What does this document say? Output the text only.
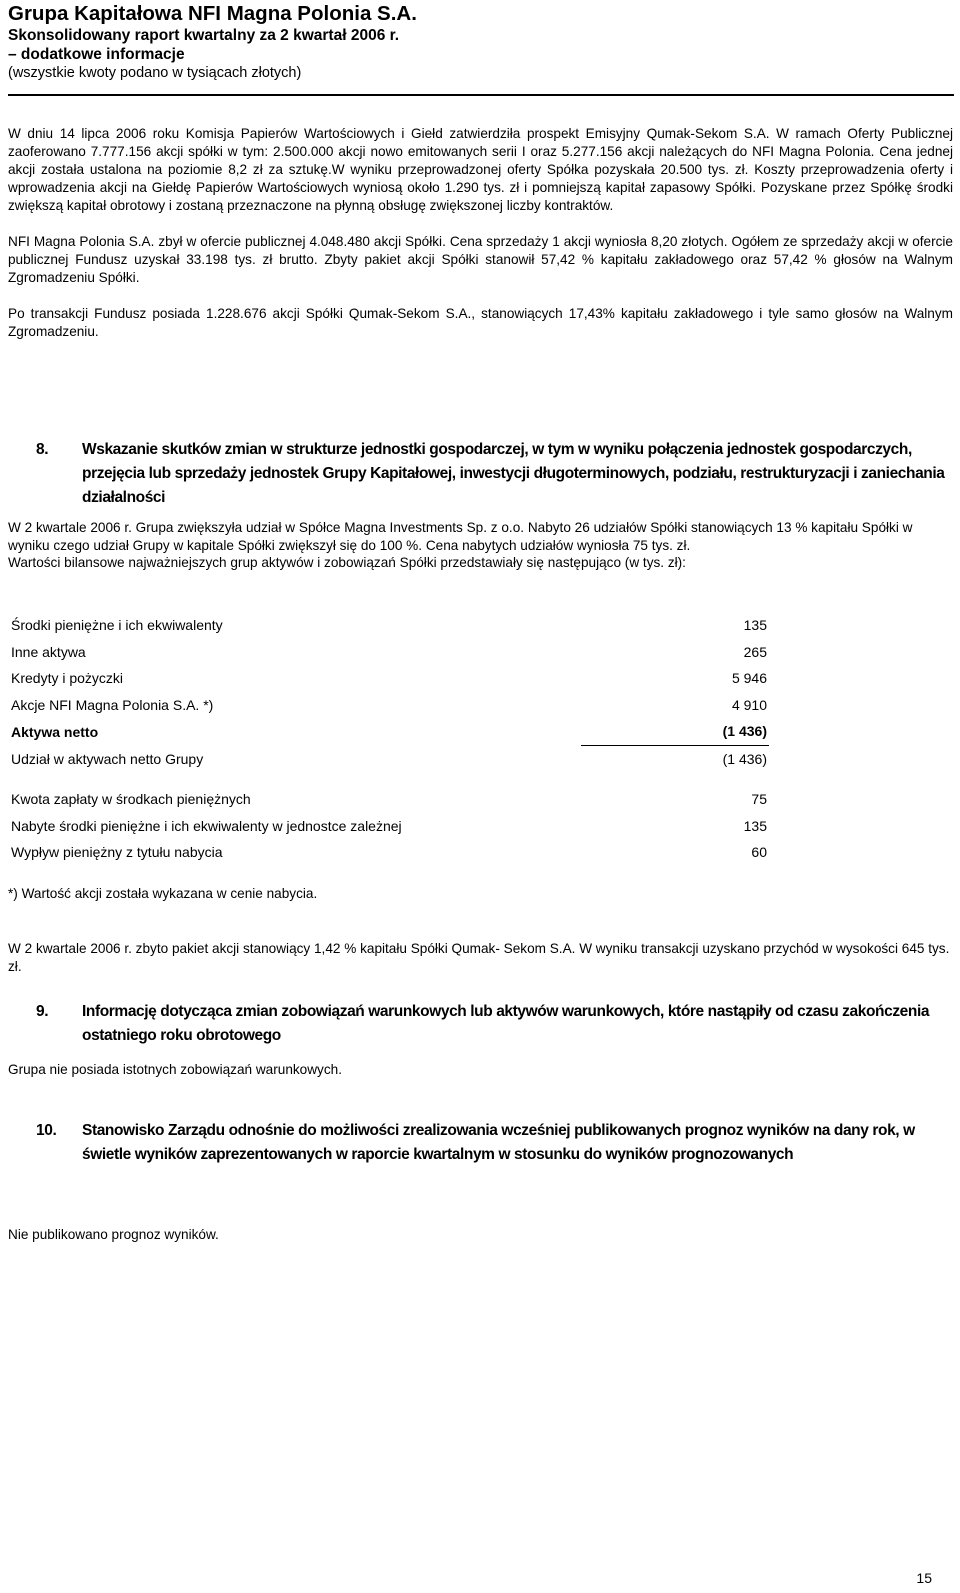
Grupa Kapitałowa NFI Magna Polonia S.A.

Skonsolidowany raport kwartalny za 2 kwartał 2006 r.

– dodatkowe informacje

(wszystkie kwoty podano w tysiącach złotych)

W dniu 14 lipca 2006 roku Komisja Papierów Wartościowych i Giełd zatwierdziła prospekt Emisyjny Qumak-Sekom S.A. W ramach Oferty Publicznej zaoferowano 7.777.156 akcji spółki w tym: 2.500.000 akcji nowo emitowanych serii I oraz 5.277.156 akcji należących do NFI Magna Polonia. Cena jednej akcji została ustalona na poziomie 8,2 zł za sztukę.W wyniku przeprowadzonej oferty Spółka pozyskała 20.500 tys. zł. Koszty przeprowadzenia oferty i wprowadzenia akcji na Giełdę Papierów Wartościowych wyniosą około 1.290 tys. zł i pomniejszą kapitał zapasowy Spółki. Pozyskane przez Spółkę środki zwiększą kapitał obrotowy i zostaną przeznaczone na płynną obsługę zwiększonej liczby kontraktów.

NFI Magna Polonia S.A. zbył w ofercie publicznej 4.048.480 akcji Spółki. Cena sprzedaży 1 akcji wyniosła 8,20 złotych. Ogółem ze sprzedaży akcji w ofercie publicznej Fundusz uzyskał 33.198 tys. zł brutto. Zbyty pakiet akcji Spółki stanowił 57,42 % kapitału zakładowego oraz 57,42 % głosów na Walnym Zgromadzeniu Spółki.

Po transakcji Fundusz posiada 1.228.676 akcji Spółki Qumak-Sekom S.A., stanowiących 17,43% kapitału zakładowego i tyle samo głosów na Walnym Zgromadzeniu.

8. Wskazanie skutków zmian w strukturze jednostki gospodarczej, w tym w wyniku połączenia jednostek gospodarczych, przejęcia lub sprzedaży jednostek Grupy Kapitałowej, inwestycji długoterminowych, podziału, restrukturyzacji i zaniechania działalności

W 2 kwartale 2006 r. Grupa zwiększyła udział w Spółce Magna Investments Sp. z o.o. Nabyto 26 udziałów Spółki stanowiących 13 % kapitału Spółki w wyniku czego udział Grupy w kapitale Spółki zwiększył się do 100 %. Cena nabytych udziałów wyniosła 75 tys. zł.

Wartości bilansowe najważniejszych grup aktywów i zobowiązań Spółki przedstawiały się następująco (w tys. zł):

Środki pieniężne i ich ekwiwalenty	135
Inne aktywa	265
Kredyty i pożyczki	5 946
Akcje NFI Magna Polonia S.A. *)	4 910
Aktywa netto	(1 436)
Udział w aktywach netto Grupy	(1 436)

Kwota zapłaty w środkach pieniężnych	75
Nabyte środki pieniężne i ich ekwiwalenty w jednostce zależnej	135
Wypływ pieniężny z tytułu nabycia	60

*) Wartość akcji została wykazana w cenie nabycia.

W 2 kwartale 2006 r. zbyto pakiet akcji stanowiący 1,42 % kapitału Spółki Qumak- Sekom S.A. W wyniku transakcji uzyskano przychód w wysokości 645 tys. zł.

9. Informację dotycząca zmian zobowiązań warunkowych lub aktywów warunkowych, które nastąpiły od czasu zakończenia ostatniego roku obrotowego

Grupa nie posiada istotnych zobowiązań warunkowych.

10. Stanowisko Zarządu odnośnie do możliwości zrealizowania wcześniej publikowanych prognoz wyników na dany rok, w świetle wyników zaprezentowanych w raporcie kwartalnym w stosunku do wyników prognozowanych

Nie publikowano prognoz wyników.

15
